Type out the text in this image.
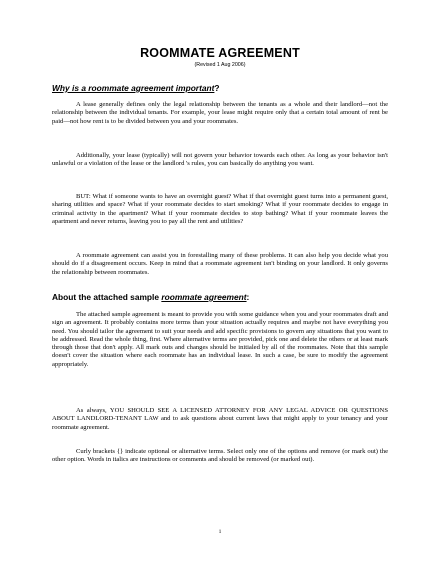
ROOMMATE AGREEMENT
(Revised 1 Aug 2006)
Why is a roommate agreement important?

A lease generally defines only the legal relationship between the tenants as a whole and their landlord—not the relationship between the individual tenants. For example, your lease might require only that a certain total amount of rent be paid—not how rent is to be divided between you and your roommates.

Additionally, your lease (typically) will not govern your behavior towards each other. As long as your behavior isn't unlawful or a violation of the lease or the landlord 's rules, you can basically do anything you want.

BUT: What if someone wants to have an overnight guest? What if that overnight guest turns into a permanent guest, sharing utilities and space? What if your roommate decides to start smoking? What if your roommate decides to engage in criminal activity in the apartment? What if your roommate decides to stop bathing? What if your roommate leaves the apartment and never returns, leaving you to pay all the rent and utilities?

A roommate agreement can assist you in forestalling many of these problems. It can also help you decide what you should do if a disagreement occurs. Keep in mind that a roommate agreement isn't binding on your landlord. It only governs the relationship between roommates.

About the attached sample roommate agreement:

The attached sample agreement is meant to provide you with some guidance when you and your roommates draft and sign an agreement. It probably contains more terms than your situation actually requires and maybe not have everything you need. You should tailor the agreement to suit your needs and add specific provisions to govern any situations that you want to be addressed. Read the whole thing, first. Where alternative terms are provided, pick one and delete the others or at least mark through those that don't apply. All mark outs and changes should be initialed by all of the roommates. Note that this sample doesn't cover the situation where each roommate has an individual lease. In such a case, be sure to modify the agreement appropriately.

As always, YOU SHOULD SEE A LICENSED ATTORNEY FOR ANY LEGAL ADVICE OR QUESTIONS ABOUT LANDLORD-TENANT LAW and to ask questions about current laws that might apply to your tenancy and your roommate agreement.

Curly brackets {} indicate optional or alternative terms. Select only one of the options and remove (or mark out) the other option. Words in italics are instructions or comments and should be removed (or marked out).

1
